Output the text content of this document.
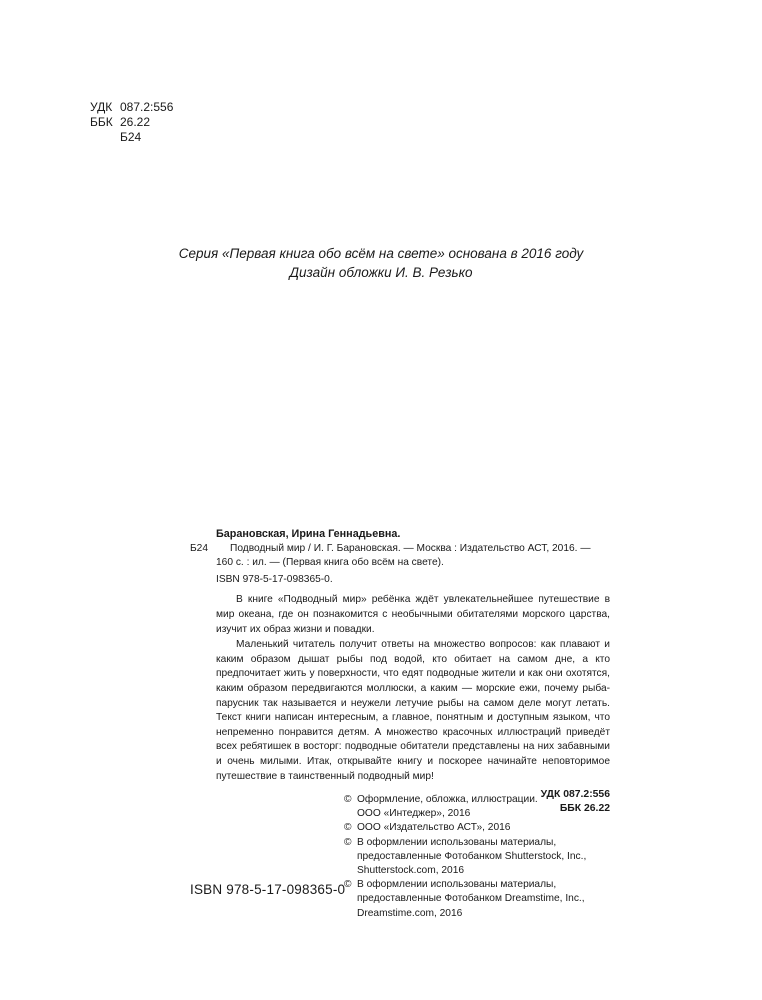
УДК 087.2:556
ББК 26.22
Б24
Серия «Первая книга обо всём на свете» основана в 2016 году
Дизайн обложки И. В. Резько
Барановская, Ирина Геннадьевна.
Б24 Подводный мир / И. Г. Барановская. — Москва : Издательство АСТ, 2016. —
160 с. : ил. — (Первая книга обо всём на свете).
ISBN 978-5-17-098365-0.
В книге «Подводный мир» ребёнка ждёт увлекательнейшее путешествие в мир океана, где он познакомится с необычными обитателями морского царства, изучит их образ жизни и повадки.
Маленький читатель получит ответы на множество вопросов: как плавают и каким образом дышат рыбы под водой, кто обитает на самом дне, а кто предпочитает жить у поверхности, что едят подводные жители и как они охотятся, каким образом передвигаются моллюски, а каким — морские ежи, почему рыба-парусник так называется и неужели летучие рыбы на самом деле могут летать. Текст книги написан интересным, а главное, понятным и доступным языком, что непременно понравится детям. А множество красочных иллюстраций приведёт всех ребятишек в восторг: подводные обитатели представлены на них забавными и очень милыми. Итак, открывайте книгу и поскорее начинайте неповторимое путешествие в таинственный подводный мир!
УДК 087.2:556
ББК 26.22
© Оформление, обложка, иллюстрации.
ООО «Интеджер», 2016
© ООО «Издательство АСТ», 2016
© В оформлении использованы материалы,
предоставленные Фотобанком Shutterstock, Inc.,
Shutterstock.com, 2016
© В оформлении использованы материалы,
предоставленные Фотобанком Dreamstime, Inc.,
Dreamstime.com, 2016
ISBN 978-5-17-098365-0
